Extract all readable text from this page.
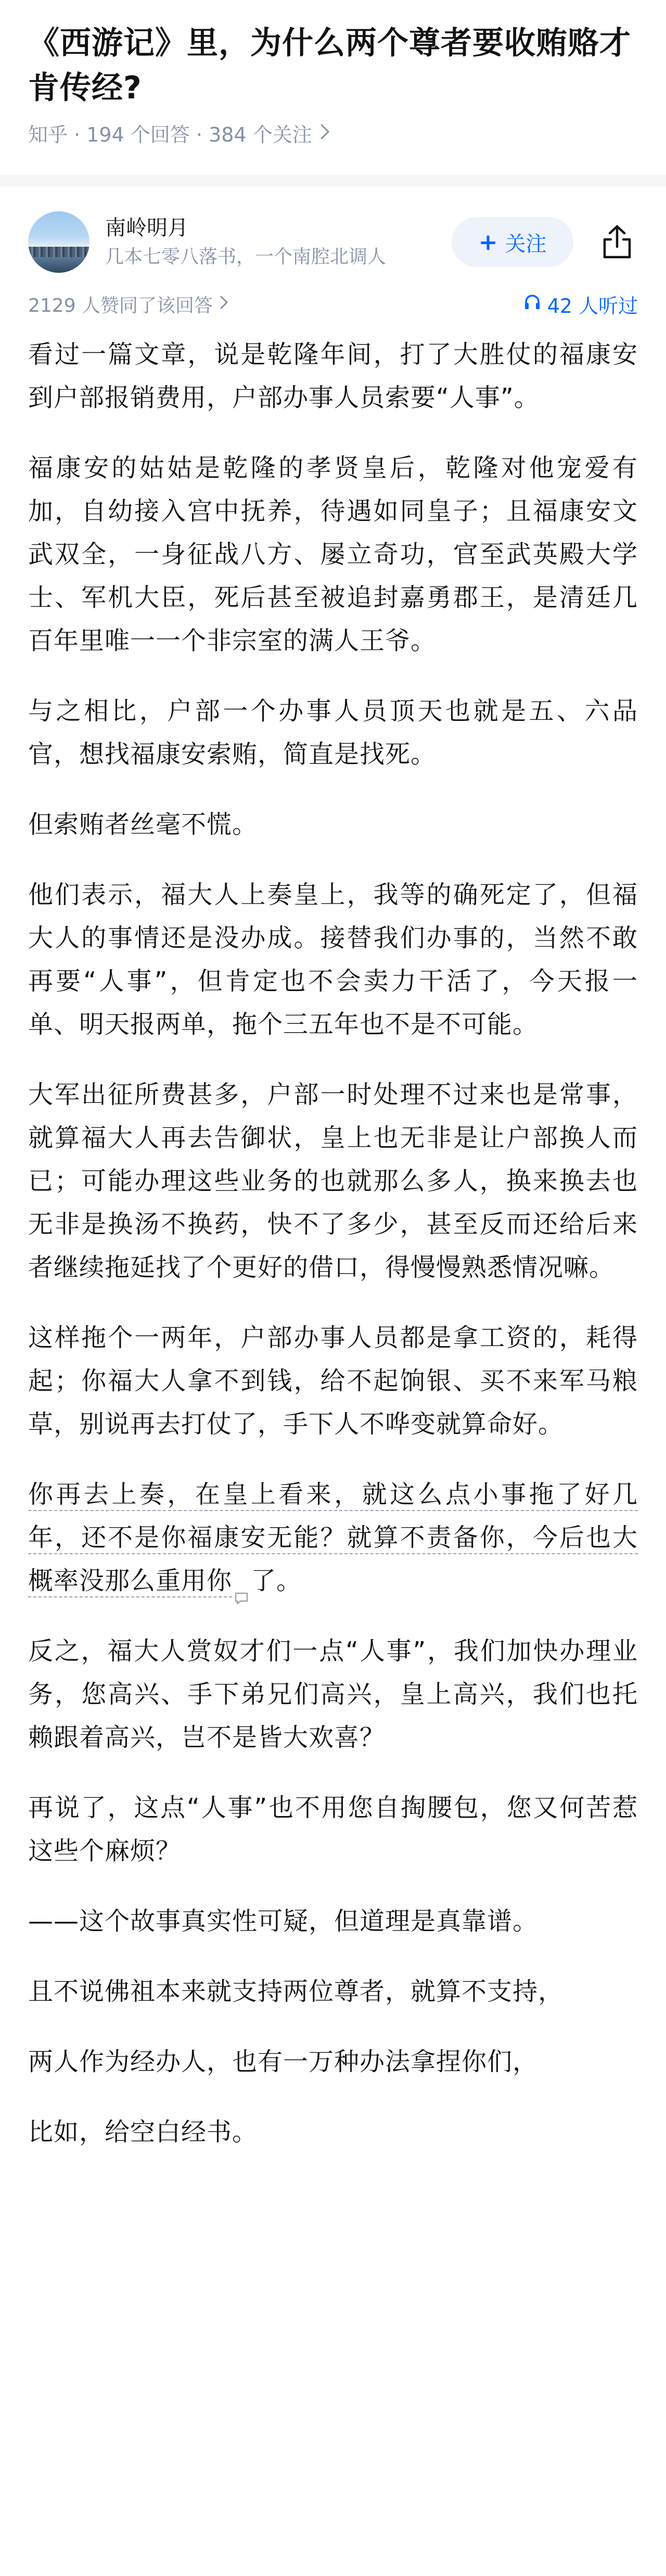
《西游记》里，为什么两个尊者要收贿赂才肯传经?
知乎 · 194 个回答 · 384 个关注
南岭明月
几本七零八落书，一个南腔北调人
+ 关注
2129 人赞同了该回答	42 人听过

看过一篇文章，说是乾隆年间，打了大胜仗的福康安到户部报销费用，户部办事人员索要“人事”。

福康安的姑姑是乾隆的孝贤皇后，乾隆对他宠爱有加，自幼接入宫中抚养，待遇如同皇子；且福康安文武双全，一身征战八方、屡立奇功，官至武英殿大学士、军机大臣，死后甚至被追封嘉勇郡王，是清廷几百年里唯一一个非宗室的满人王爷。

与之相比，户部一个办事人员顶天也就是五、六品官，想找福康安索贿，简直是找死。

但索贿者丝毫不慌。

他们表示，福大人上奏皇上，我等的确死定了，但福大人的事情还是没办成。接替我们办事的，当然不敢再要“人事”，但肯定也不会卖力干活了，今天报一单、明天报两单，拖个三五年也不是不可能。

大军出征所费甚多，户部一时处理不过来也是常事，就算福大人再去告御状，皇上也无非是让户部换人而已；可能办理这些业务的也就那么多人，换来换去也无非是换汤不换药，快不了多少，甚至反而还给后来者继续拖延找了个更好的借口，得慢慢熟悉情况嘛。

这样拖个一两年，户部办事人员都是拿工资的，耗得起；你福大人拿不到钱，给不起饷银、买不来军马粮草，别说再去打仗了，手下人不哗变就算命好。

你再去上奏，在皇上看来，就这么点小事拖了好几年，还不是你福康安无能？就算不责备你，今后也大概率没那么重用你 了。

反之，福大人赏奴才们一点“人事”，我们加快办理业务，您高兴、手下弟兄们高兴，皇上高兴，我们也托赖跟着高兴，岂不是皆大欢喜？

再说了，这点“人事”也不用您自掏腰包，您又何苦惹这些个麻烦？

——这个故事真实性可疑，但道理是真靠谱。

且不说佛祖本来就支持两位尊者，就算不支持，

两人作为经办人，也有一万种办法拿捏你们，

比如，给空白经书。
